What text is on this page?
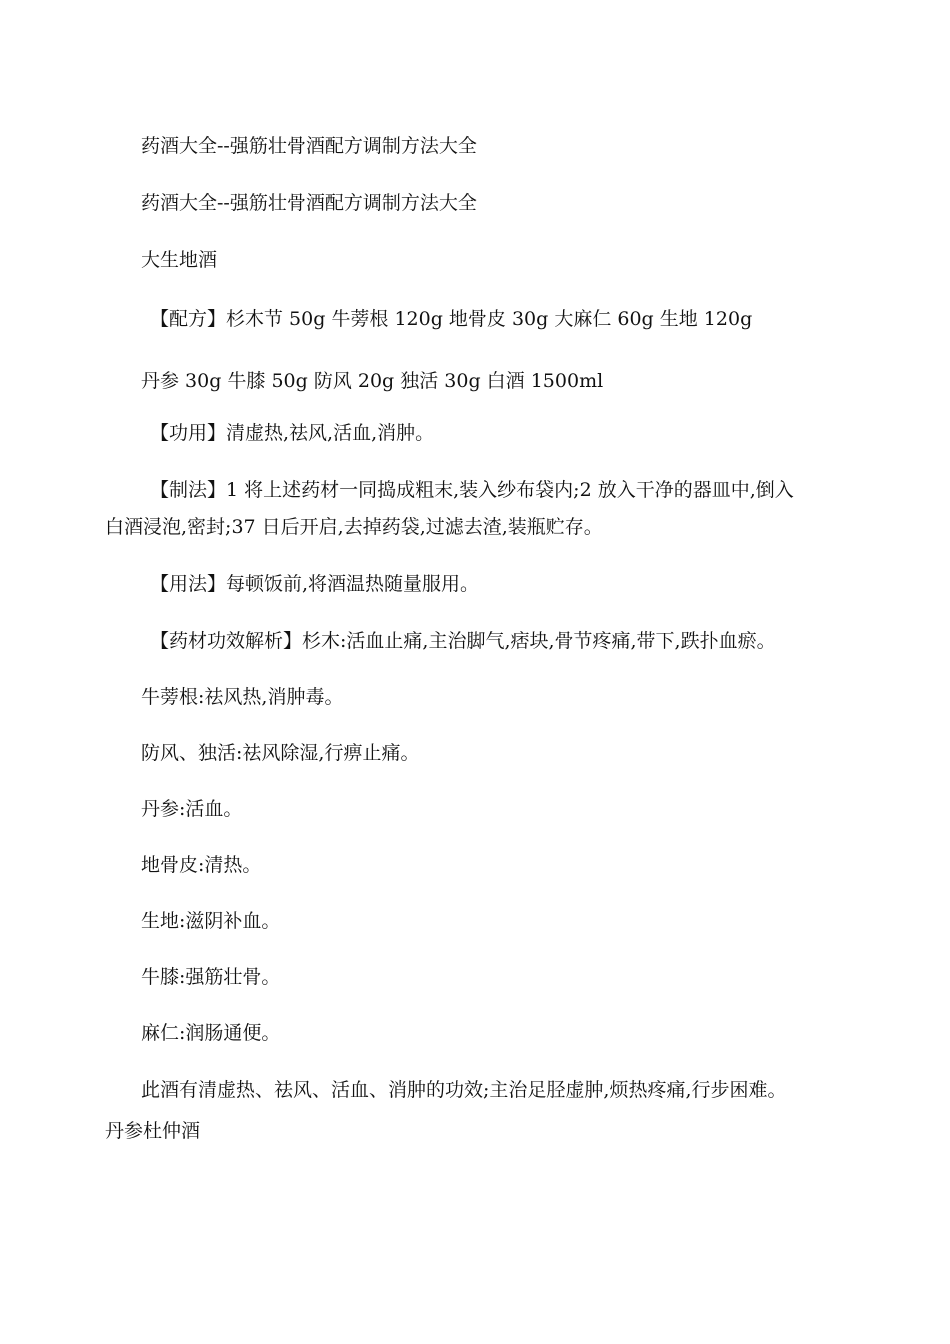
药酒大全--强筋壮骨酒配方调制方法大全
药酒大全--强筋壮骨酒配方调制方法大全
大生地酒
【配方】杉木节 50g 牛蒡根 120g 地骨皮 30g 大麻仁 60g 生地 120g
丹参 30g 牛膝 50g 防风 20g 独活 30g 白酒 1500ml
【功用】清虚热,祛风,活血,消肿。
【制法】1 将上述药材一同捣成粗末,装入纱布袋内;2 放入干净的器皿中,倒入
白酒浸泡,密封;37 日后开启,去掉药袋,过滤去渣,装瓶贮存。
【用法】每顿饭前,将酒温热随量服用。
【药材功效解析】杉木:活血止痛,主治脚气,痞块,骨节疼痛,带下,跌扑血瘀。
牛蒡根:祛风热,消肿毒。
防风、独活:祛风除湿,行痹止痛。
丹参:活血。
地骨皮:清热。
生地:滋阴补血。
牛膝:强筋壮骨。
麻仁:润肠通便。
此酒有清虚热、祛风、活血、消肿的功效;主治足胫虚肿,烦热疼痛,行步困难。
丹参杜仲酒
